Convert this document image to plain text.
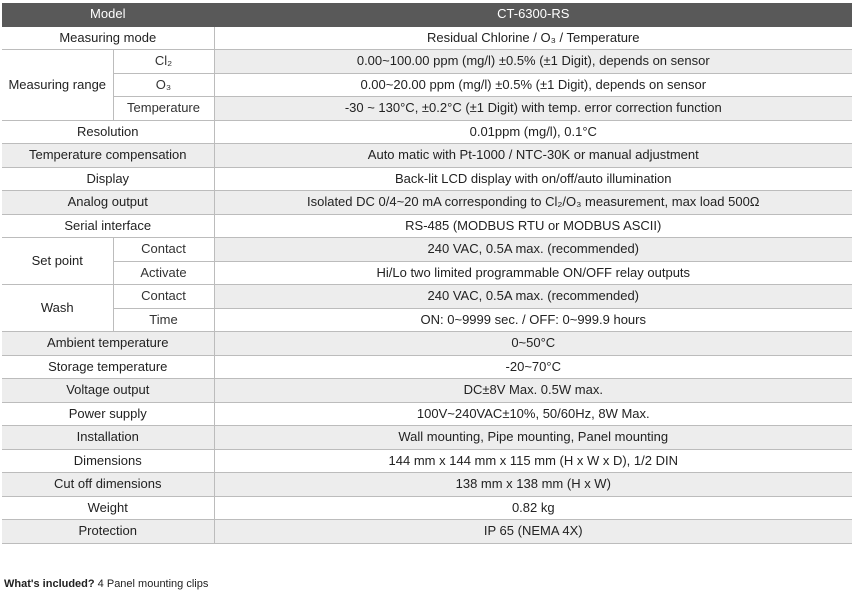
Model		CT-6300-RS
Measuring mode		Residual Chlorine / O₃ / Temperature
Measuring range	Cl₂	0.00~100.00 ppm (mg/l) ±0.5% (±1 Digit), depends on sensor
	O₃	0.00~20.00 ppm (mg/l) ±0.5% (±1 Digit), depends on sensor
	Temperature	-30 ~ 130°C, ±0.2°C (±1 Digit) with temp. error correction function
Resolution		0.01ppm (mg/l), 0.1°C
Temperature compensation		Auto matic with Pt-1000 / NTC-30K or manual adjustment
Display		Back-lit LCD display with on/off/auto illumination
Analog output		Isolated DC 0/4~20 mA corresponding to Cl₂/O₃ measurement, max load 500Ω
Serial interface		RS-485 (MODBUS RTU or MODBUS ASCII)
Set point	Contact	240 VAC, 0.5A max. (recommended)
	Activate	Hi/Lo two limited programmable ON/OFF relay outputs
Wash	Contact	240 VAC, 0.5A max. (recommended)
	Time	ON: 0~9999 sec. / OFF: 0~999.9 hours
Ambient temperature		0~50°C
Storage temperature		-20~70°C
Voltage output		DC±8V Max. 0.5W max.
Power supply		100V~240VAC±10%, 50/60Hz, 8W Max.
Installation		Wall mounting, Pipe mounting, Panel mounting
Dimensions		144 mm x 144 mm x 115 mm (H x W x D), 1/2 DIN
Cut off dimensions		138 mm x 138 mm (H x W)
Weight		0.82 kg
Protection		IP 65 (NEMA 4X)
What's included? 4 Panel mounting clips
